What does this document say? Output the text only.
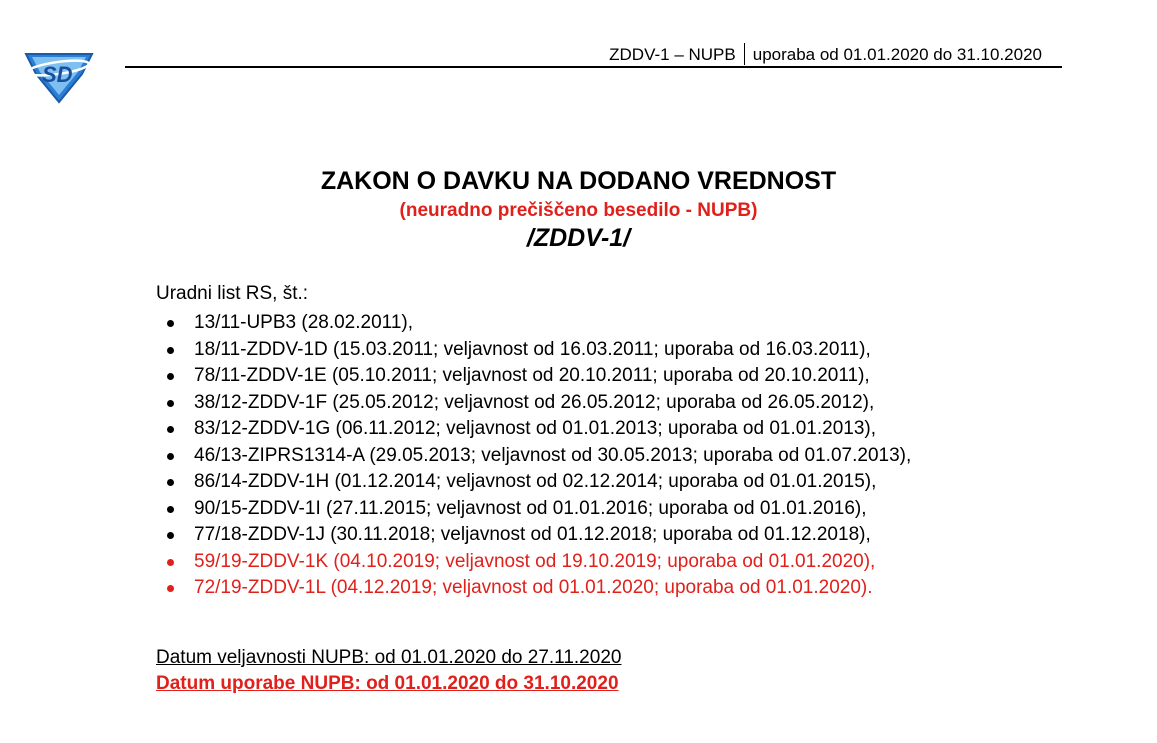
SD
ZDDV-1 – NUPB uporaba od 01.01.2020 do 31.10.2020
ZAKON O DAVKU NA DODANO VREDNOST
(neuradno prečiščeno besedilo - NUPB)
/ZDDV-1/
Uradni list RS, št.:
13/11-UPB3 (28.02.2011),
18/11-ZDDV-1D (15.03.2011; veljavnost od 16.03.2011; uporaba od 16.03.2011),
78/11-ZDDV-1E (05.10.2011; veljavnost od 20.10.2011; uporaba od 20.10.2011),
38/12-ZDDV-1F (25.05.2012; veljavnost od 26.05.2012; uporaba od 26.05.2012),
83/12-ZDDV-1G (06.11.2012; veljavnost od 01.01.2013; uporaba od 01.01.2013),
46/13-ZIPRS1314-A (29.05.2013; veljavnost od 30.05.2013; uporaba od 01.07.2013),
86/14-ZDDV-1H (01.12.2014; veljavnost od 02.12.2014; uporaba od 01.01.2015),
90/15-ZDDV-1I (27.11.2015; veljavnost od 01.01.2016; uporaba od 01.01.2016),
77/18-ZDDV-1J (30.11.2018; veljavnost od 01.12.2018; uporaba od 01.12.2018),
59/19-ZDDV-1K (04.10.2019; veljavnost od 19.10.2019; uporaba od 01.01.2020),
72/19-ZDDV-1L (04.12.2019; veljavnost od 01.01.2020; uporaba od 01.01.2020).
Datum veljavnosti NUPB: od 01.01.2020 do 27.11.2020
Datum uporabe NUPB: od 01.01.2020 do 31.10.2020
